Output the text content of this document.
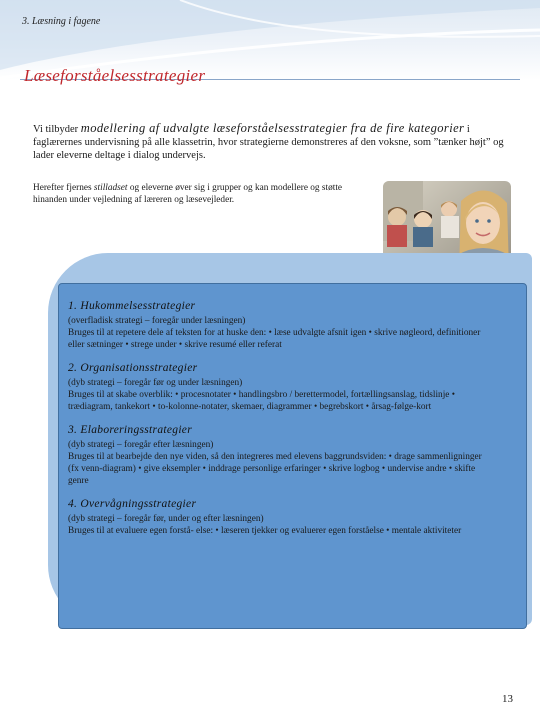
3. Læsning i fagene
Læseforståelsesstrategier
Vi tilbyder modellering af udvalgte læseforståelsesstrategier fra de fire kategorier i faglærernes undervisning på alle klassetrin, hvor strategierne demonstreres af den voksne, som ”tænker højt” og lader eleverne deltage i dialog undervejs.
Herefter fjernes stilladset og eleverne øver sig i grupper og kan modellere og støtte hinanden under vejledning af læreren og læsevejleder.
1. Hukommelsesstrategier
(overfladisk strategi – foregår under læsningen)
Bruges til at repetere dele af teksten for at huske den: • læse udvalgte afsnit igen • skrive nøgleord, definitioner eller sætninger • strege under • skrive resumé eller referat
2. Organisationsstrategier
(dyb strategi – foregår før og under læsningen)
Bruges til at skabe overblik: • procesnotater • handlingsbro / berettermodel, fortællingsanslag, tidslinje • trædiagram, tankekort • to-kolonne-notater, skemaer, diagrammer • begrebskort • årsag-følge-kort
3. Elaboreringsstrategier
(dyb strategi – foregår efter læsningen)
Bruges til at bearbejde den nye viden, så den integreres med elevens baggrundsviden: • drage sammenligninger (fx venn-diagram) • give eksempler • inddrage personlige erfaringer • skrive logbog • undervise andre • skifte genre
4. Overvågningsstrategier
(dyb strategi – foregår før, under og efter læsningen)
Bruges til at evaluere egen forstå- else: • læseren tjekker og evaluerer egen forståelse • mentale aktiviteter
13
